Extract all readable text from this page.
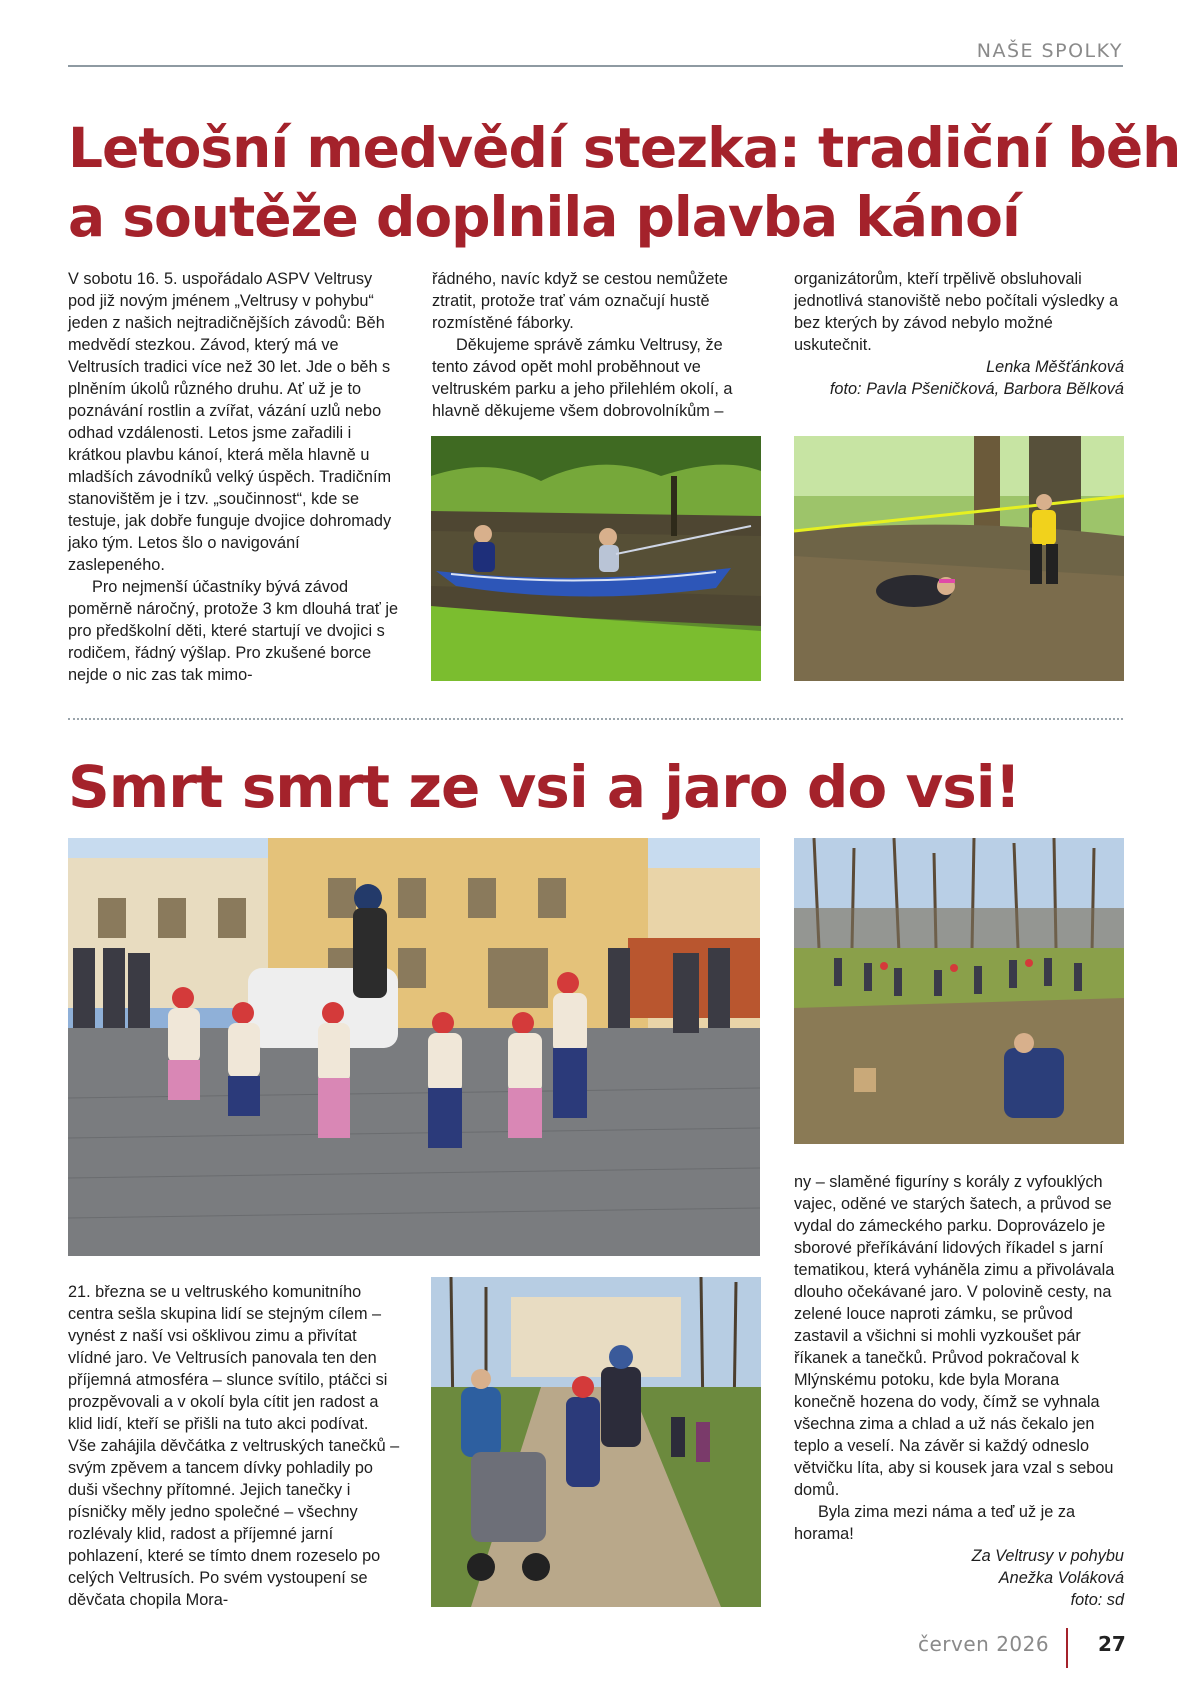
NAŠE SPOLKY
Letošní medvědí stezka: tradiční běh
a soutěže doplnila plavba kánoí

V sobotu 16. 5. uspořádalo ASPV Veltrusy pod již novým jménem „Veltrusy v pohybu“ jeden z našich nejtradičnějších závodů: Běh medvědí stezkou. Závod, který má ve Veltrusích tradici více než 30 let. Jde o běh s plněním úkolů různého druhu. Ať už je to poznávání rostlin a zvířat, vázání uzlů nebo odhad vzdálenosti. Letos jsme zařadili i krátkou plavbu kánoí, která měla hlavně u mladších závodníků velký úspěch. Tradičním stanovištěm je i tzv. „součinnost“, kde se testuje, jak dobře funguje dvojice dohromady jako tým. Letos šlo o navigování zaslepeného.

Pro nejmenší účastníky bývá závod poměrně náročný, protože 3 km dlouhá trať je pro předškolní děti, které startují ve dvojici s rodičem, řádný výšlap. Pro zkušené borce nejde o nic zas tak mimo-

řádného, navíc když se cestou nemůžete ztratit, protože trať vám označují hustě rozmístěné fáborky.

Děkujeme správě zámku Veltrusy, že tento závod opět mohl proběhnout ve veltruském parku a jeho přilehlém okolí, a hlavně děkujeme všem dobrovolníkům –

organizátorům, kteří trpělivě obsluhovali jednotlivá stanoviště nebo počítali výsledky a bez kterých by závod nebylo možné uskutečnit.

Lenka Měšťánková

foto: Pavla Pšeničková, Barbora Bělková

Smrt smrt ze vsi a jaro do vsi!

21. března se u veltruského komunitního centra sešla skupina lidí se stejným cílem – vynést z naší vsi ošklivou zimu a přivítat vlídné jaro. Ve Veltrusích panovala ten den příjemná atmosféra – slunce svítilo, ptáčci si prozpěvovali a v okolí byla cítit jen radost a klid lidí, kteří se přišli na tuto akci podívat. Vše zahájila děvčátka z veltruských tanečků – svým zpěvem a tancem dívky pohladily po duši všechny přítomné. Jejich tanečky i písničky měly jedno společné – všechny rozlévaly klid, radost a příjemné jarní pohlazení, které se tímto dnem rozeselo po celých Veltrusích. Po svém vystoupení se děvčata chopila Mora-

ny – slaměné figuríny s korály z vyfouklých vajec, oděné ve starých šatech, a průvod se vydal do zámeckého parku. Doprovázelo je sborové přeříkávání lidových říkadel s jarní tematikou, která vyháněla zimu a přivolávala dlouho očekávané jaro. V polovině cesty, na zelené louce naproti zámku, se průvod zastavil a všichni si mohli vyzkoušet pár říkanek a tanečků. Průvod pokračoval k Mlýnskému potoku, kde byla Morana konečně hozena do vody, čímž se vyhnala všechna zima a chlad a už nás čekalo jen teplo a veselí. Na závěr si každý odneslo větvičku líta, aby si kousek jara vzal s sebou domů.

Byla zima mezi náma a teď už je za horama!

Za Veltrusy v pohybu

Anežka Voláková

foto: sd

červen 2026 27
